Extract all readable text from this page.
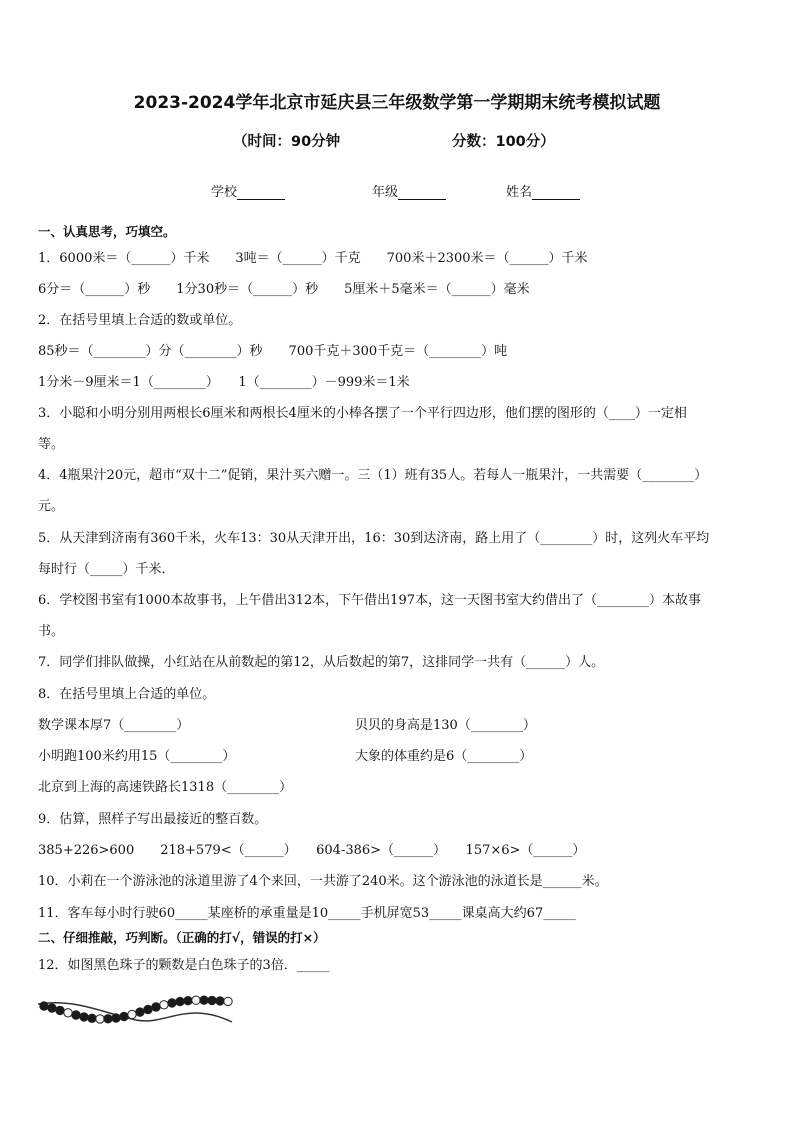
2023-2024学年北京市延庆县三年级数学第一学期期末统考模拟试题
（时间：90分钟	分数：100分）
学校	年级	姓名
一、认真思考，巧填空。
1．6000米＝（______）千米　　3吨＝（______）千克　　700米＋2300米＝（______）千米
6分＝（______）秒　　1分30秒＝（______）秒　　5厘米＋5毫米＝（______）毫米
2．在括号里填上合适的数或单位。
85秒＝（________）分（________）秒　　700千克＋300千克＝（________）吨
1分米－9厘米＝1（________）　　1（________）－999米＝1米
3．小聪和小明分别用两根长6厘米和两根长4厘米的小棒各摆了一个平行四边形，他们摆的图形的（____）一定相
等。
4．4瓶果汁20元，超市“双十二”促销，果汁买六赠一。三（1）班有35人。若每人一瓶果汁，一共需要（________）
元。
5．从天津到济南有360千米，火车13：30从天津开出，16：30到达济南，路上用了（________）时，这列火车平均
每时行（_____）千米．
6．学校图书室有1000本故事书，上午借出312本，下午借出197本，这一天图书室大约借出了（________）本故事
书。
7．同学们排队做操，小红站在从前数起的第12，从后数起的第7，这排同学一共有（______）人。
8．在括号里填上合适的单位。
数学课本厚7（________）	贝贝的身高是130（________）
小明跑100米约用15（________）	大象的体重约是6（________）
北京到上海的高速铁路长1318（________）
9．估算，照样子写出最接近的整百数。
385+226>600　　218+579<（______）　　604-386>（______）　　157×6>（______）
10．小莉在一个游泳池的泳道里游了4个来回，一共游了240米。这个游泳池的泳道长是______米。
11．客车每小时行驶60_____某座桥的承重量是10_____手机屏宽53_____课桌高大约67_____
二、仔细推敲，巧判断。（正确的打√，错误的打×）
12．如图黑色珠子的颗数是白色珠子的3倍．_____
